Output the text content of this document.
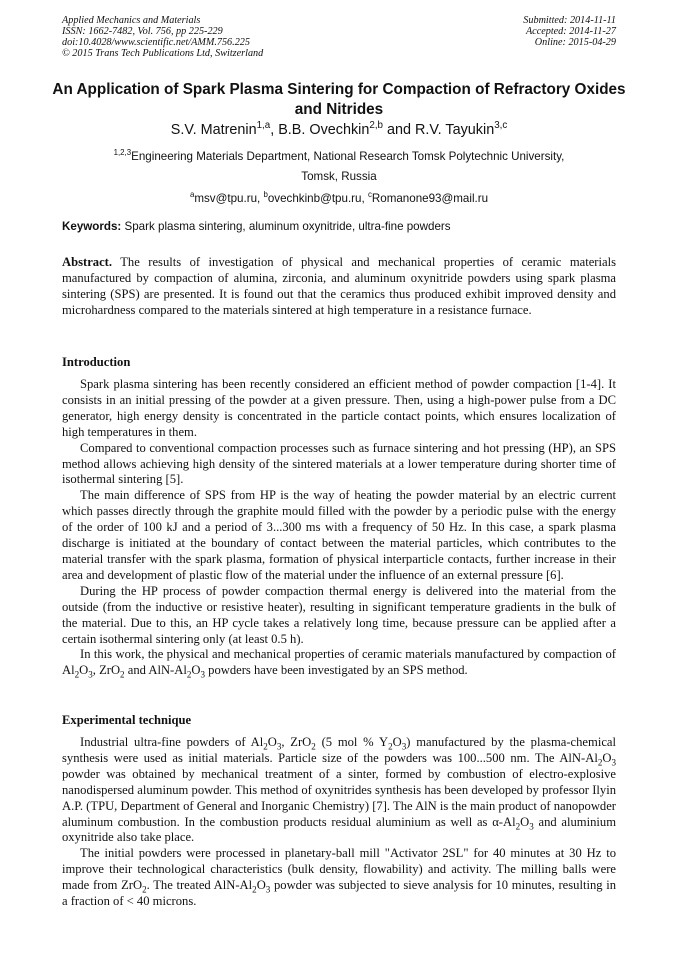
Applied Mechanics and Materials
ISSN: 1662-7482, Vol. 756, pp 225-229
doi:10.4028/www.scientific.net/AMM.756.225
© 2015 Trans Tech Publications Ltd, Switzerland
Submitted: 2014-11-11
Accepted: 2014-11-27
Online: 2015-04-29
An Application of Spark Plasma Sintering for Compaction of Refractory Oxides and Nitrides
S.V. Matrenin$^{1,a}$, B.B. Ovechkin$^{2,b}$ and R.V. Tayukin$^{3,c}$
$^{1,2,3}$Engineering Materials Department, National Research Tomsk Polytechnic University,
Tomsk, Russia
$^a$msv@tpu.ru, $^b$ovechkinb@tpu.ru, $^c$Romanone93@mail.ru
Keywords: Spark plasma sintering, aluminum oxynitride, ultra-fine powders

Abstract. The results of investigation of physical and mechanical properties of ceramic materials manufactured by compaction of alumina, zirconia, and aluminum oxynitride powders using spark plasma sintering (SPS) are presented. It is found out that the ceramics thus produced exhibit improved density and microhardness compared to the materials sintered at high temperature in a resistance furnace.

Introduction

Spark plasma sintering has been recently considered an efficient method of powder compaction [1-4]. It consists in an initial pressing of the powder at a given pressure. Then, using a high-power pulse from a DC generator, high energy density is concentrated in the particle contact points, which ensures localization of high temperatures in them.

Compared to conventional compaction processes such as furnace sintering and hot pressing (HP), an SPS method allows achieving high density of the sintered materials at a lower temperature during shorter time of isothermal sintering [5].

The main difference of SPS from HP is the way of heating the powder material by an electric current which passes directly through the graphite mould filled with the powder by a periodic pulse with the energy of the order of 100 kJ and a period of 3...300 ms with a frequency of 50 Hz. In this case, a spark plasma discharge is initiated at the boundary of contact between the material particles, which contributes to the material transfer with the spark plasma, formation of physical interparticle contacts, further increase in their area and development of plastic flow of the material under the influence of an external pressure [6].

During the HP process of powder compaction thermal energy is delivered into the material from the outside (from the inductive or resistive heater), resulting in significant temperature gradients in the bulk of the material. Due to this, an HP cycle takes a relatively long time, because pressure can be applied after a certain isothermal sintering only (at least 0.5 h).

In this work, the physical and mechanical properties of ceramic materials manufactured by compaction of $Al_2O_3$, ZrO$_2$ and AlN-$Al_2O_3$ powders have been investigated by an SPS method.

Experimental technique

Industrial ultra-fine powders of $Al_2O_3$, ZrO$_2$ (5 mol % $Y_2O_3$) manufactured by the plasma-chemical synthesis were used as initial materials. Particle size of the powders was 100...500 nm. The AlN-$Al_2O_3$ powder was obtained by mechanical treatment of a sinter, formed by combustion of electro-explosive nanodispersed aluminum powder. This method of oxynitrides synthesis has been developed by professor Ilyin A.P. (TPU, Department of General and Inorganic Chemistry) [7]. The AlN is the main product of nanopowder aluminum combustion. In the combustion products residual aluminium as well as $\alpha-Al_2O_3$ and aluminium oxynitride also take place.

The initial powders were processed in planetary-ball mill "Activator 2SL" for 40 minutes at 30 Hz to improve their technological characteristics (bulk density, flowability) and activity. The milling balls were made from ZrO$_2$. The treated AlN-$Al_2O_3$ powder was subjected to sieve analysis for 10 minutes, resulting in a fraction of < 40 microns.
